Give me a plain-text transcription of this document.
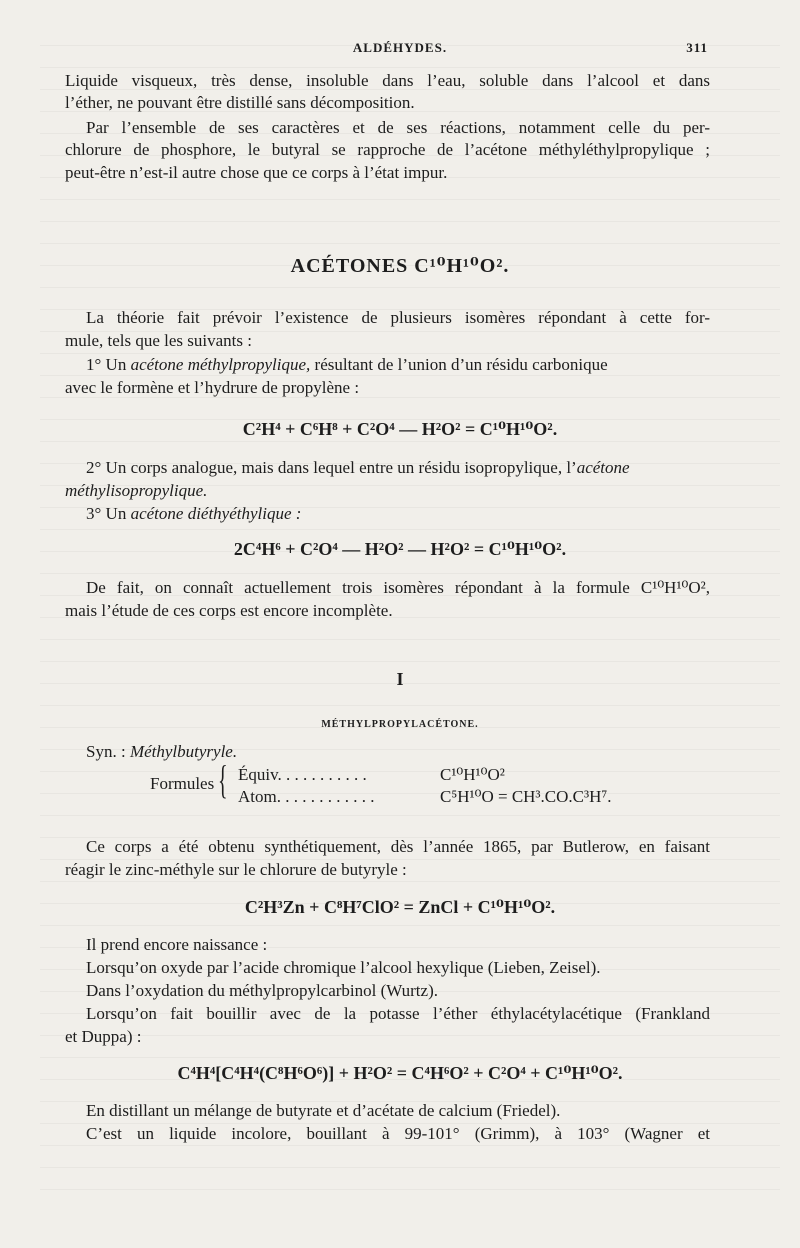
ALDÉHYDES.	311
Liquide visqueux, très dense, insoluble dans l’eau, soluble dans l’alcool et dans
l’éther, ne pouvant être distillé sans décomposition.
Par l’ensemble de ses caractères et de ses réactions, notamment celle du per-
chlorure de phosphore, le butyral se rapproche de l’acétone méthyléthylpropylique ;
peut-être n’est-il autre chose que ce corps à l’état impur.
ACÉTONES C¹⁰H¹⁰O².
La théorie fait prévoir l’existence de plusieurs isomères répondant à cette for-
mule, tels que les suivants :
1° Un acétone méthylpropylique, résultant de l’union d’un résidu carbonique
avec le formène et l’hydrure de propylène :
C²H⁴ + C⁶H⁸ + C²O⁴ — H²O² = C¹⁰H¹⁰O².
2° Un corps analogue, mais dans lequel entre un résidu isopropylique, l’acétone
méthylisopropylique.
3° Un acétone diéthyéthylique :
2C⁴H⁶ + C²O⁴ — H²O² — H²O² = C¹⁰H¹⁰O².
De fait, on connaît actuellement trois isomères répondant à la formule C¹⁰H¹⁰O²,
mais l’étude de ces corps est encore incomplète.
I
MÉTHYLPROPYLACÉTONE.
Syn. : Méthylbutyryle.
Formules { Équiv. . . . . . . . . . .	C¹⁰H¹⁰O²
Atom. . . . . . . . . . . .	C⁵H¹⁰O = CH³.CO.C³H⁷.
Ce corps a été obtenu synthétiquement, dès l’année 1865, par Butlerow, en faisant
réagir le zinc-méthyle sur le chlorure de butyryle :
C²H³Zn + C⁸H⁷ClO² = ZnCl + C¹⁰H¹⁰O².
Il prend encore naissance :
Lorsqu’on oxyde par l’acide chromique l’alcool hexylique (Lieben, Zeisel).
Dans l’oxydation du méthylpropylcarbinol (Wurtz).
Lorsqu’on fait bouillir avec de la potasse l’éther éthylacétylacétique (Frankland
et Duppa) :
C⁴H⁴[C⁴H⁴(C⁸H⁶O⁶)] + H²O² = C⁴H⁶O² + C²O⁴ + C¹⁰H¹⁰O².
En distillant un mélange de butyrate et d’acétate de calcium (Friedel).
C’est un liquide incolore, bouillant à 99-101° (Grimm), à 103° (Wagner et
